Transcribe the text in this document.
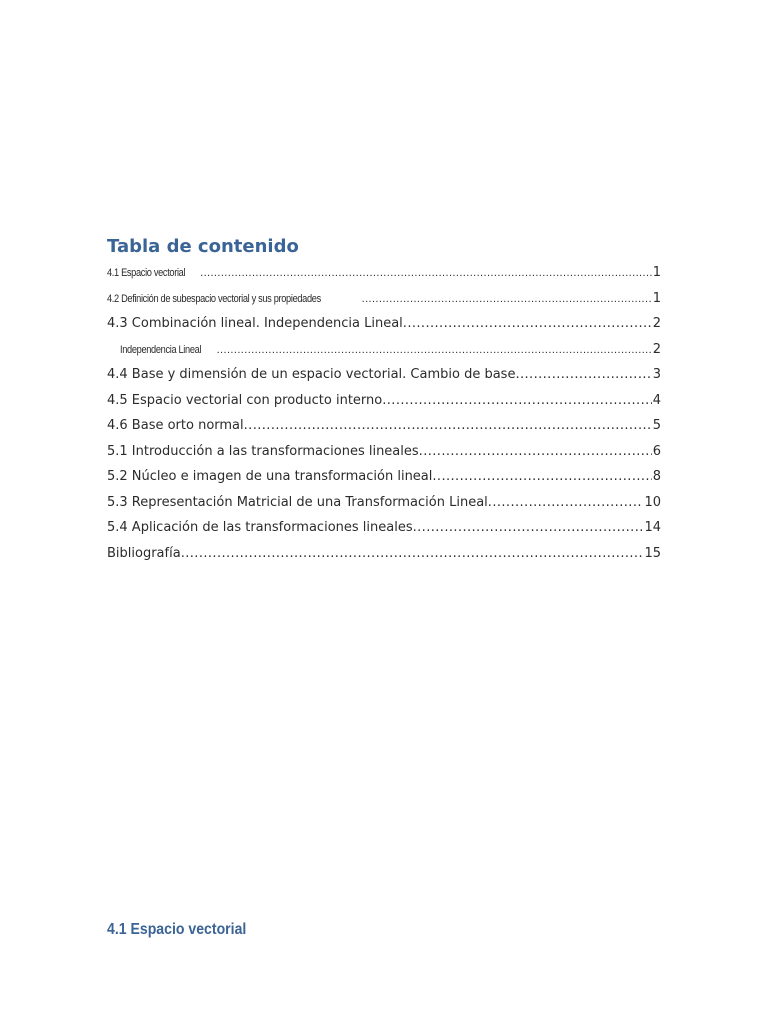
Tabla de contenido
4.1 Espacio vectorial .....	1
4.2 Definición de subespacio vectorial y sus propiedades .....	1
4.3 Combinación lineal. Independencia Lineal .....	2
Independencia Lineal .....	2
4.4 Base y dimensión de un espacio vectorial. Cambio de base .....	3
4.5 Espacio vectorial con producto interno .....	4
4.6 Base orto normal .....	5
5.1 Introducción a las transformaciones lineales .....	6
5.2 Núcleo e imagen de una transformación lineal .....	8
5.3 Representación Matricial de una Transformación Lineal .....	10
5.4 Aplicación de las transformaciones lineales .....	14
Bibliografía .....	15
4.1 Espacio vectorial
